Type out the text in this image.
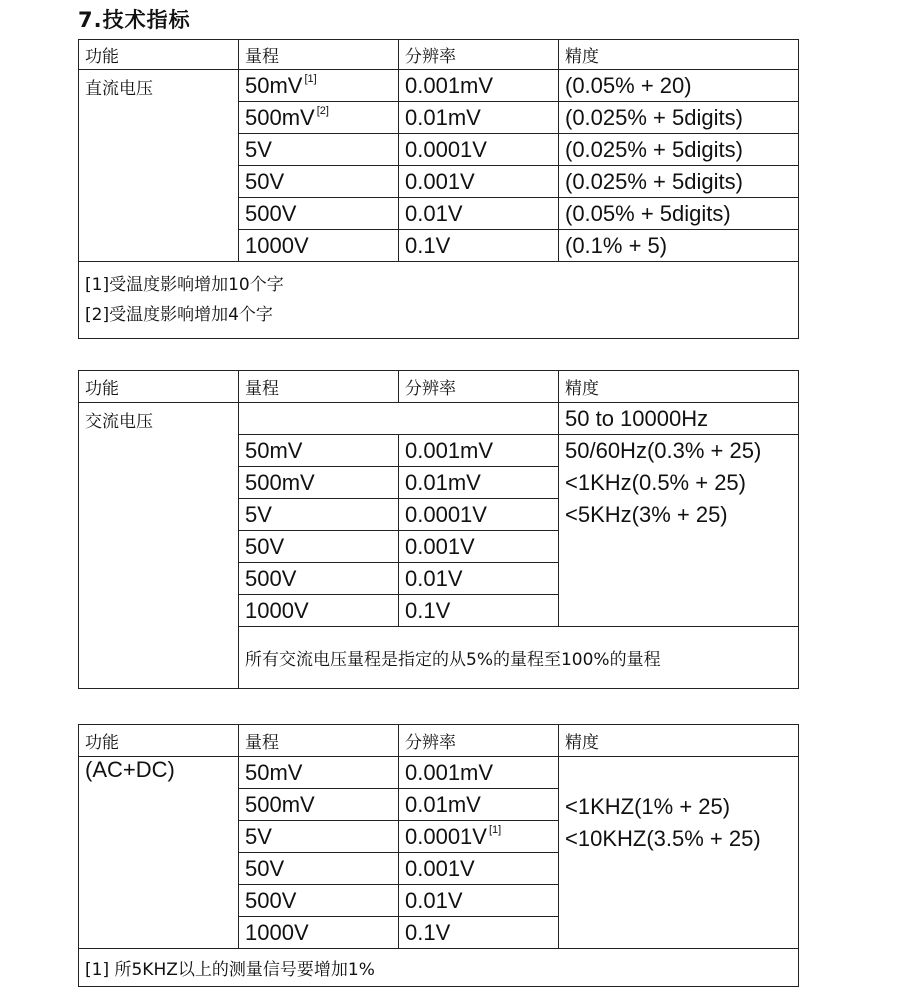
7.技术指标
功能	量程	分辨率	精度
直流电压	50mV [1]	0.001mV	(0.05% + 20)
	500mV [2]	0.01mV	(0.025% + 5digits)
	5V	0.0001V	(0.025% + 5digits)
	50V	0.001V	(0.025% + 5digits)
	500V	0.01V	(0.05% + 5digits)
	1000V	0.1V	(0.1% + 5)

[1]受温度影响增加10个字
[2]受温度影响增加4个字			
功能	量程	分辨率	精度
交流电压			50 to 10000Hz
	50mV	0.001mV	50/60Hz(0.3% + 25)
<1KHz(0.5% + 25)
<5KHz(3% + 25)

	500mV	0.01mV	
	5V	0.0001V	
	50V	0.001V	
	500V	0.01V	
	1000V	0.1V	
	所有交流电压量程是指定的从5%的量程至100%的量程		
功能	量程	分辨率	精度
(AC+DC)	50mV	0.001mV	<1KHZ(1% + 25)
<10KHZ(3.5% + 25)

	500mV	0.01mV	
	5V	0.0001V [1]
	50V	0.001V	
	500V	0.01V	
	1000V	0.1V	
[1] 所5KHZ以上的测量信号要增加1%			
